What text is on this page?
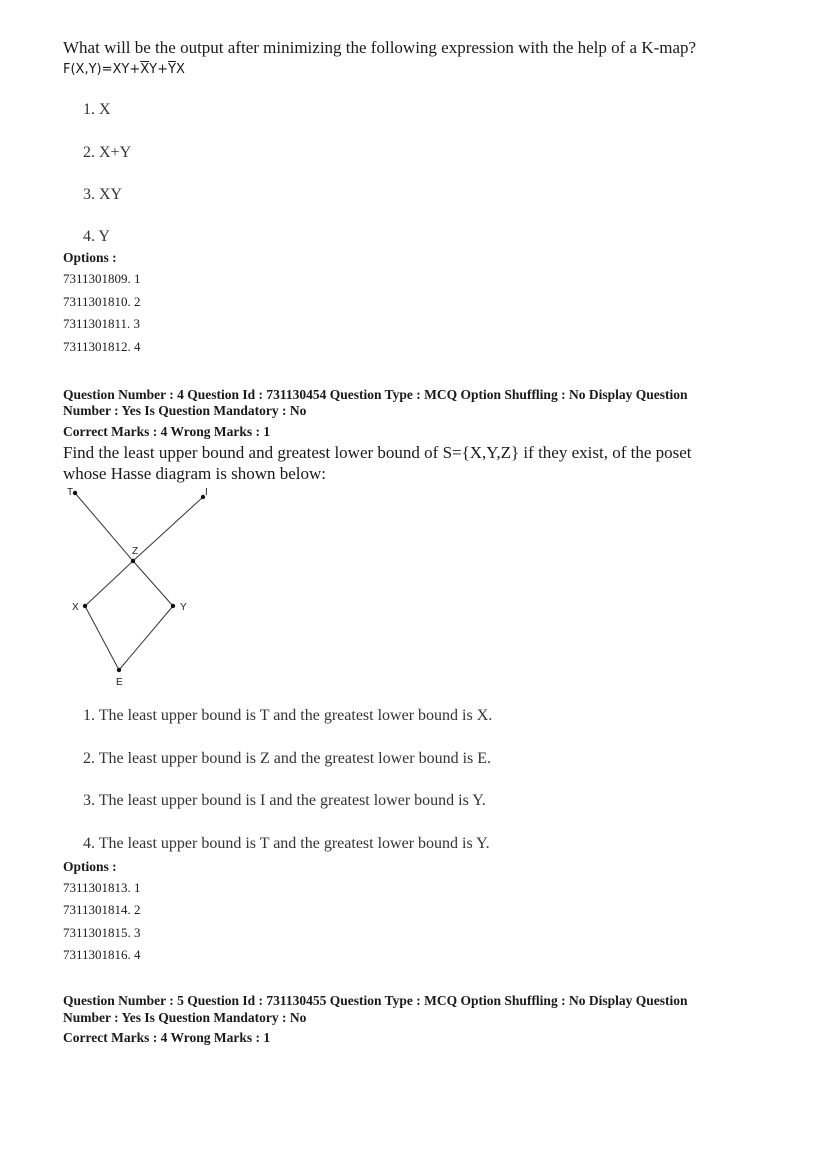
What will be the output after minimizing the following expression with the help of a K-map?
$F(X,Y)=XY+\overline{X}Y+\overline{Y}X$
1. X
2. X+Y
3. XY
4. Y
Options :
7311301809. 1
7311301810. 2
7311301811. 3
7311301812. 4
Question Number : 4 Question Id : 731130454 Question Type : MCQ Option Shuffling : No Display Question
Number : Yes Is Question Mandatory : No
Correct Marks : 4 Wrong Marks : 1
Find the least upper bound and greatest lower bound of S={X,Y,Z} if they exist, of the poset
whose Hasse diagram is shown below:
T	I
Z
X	Y
E
1. The least upper bound is T and the greatest lower bound is X.
2. The least upper bound is Z and the greatest lower bound is E.
3. The least upper bound is I and the greatest lower bound is Y.
4. The least upper bound is T and the greatest lower bound is Y.
Options :
7311301813. 1
7311301814. 2
7311301815. 3
7311301816. 4
Question Number : 5 Question Id : 731130455 Question Type : MCQ Option Shuffling : No Display Question
Number : Yes Is Question Mandatory : No
Correct Marks : 4 Wrong Marks : 1
